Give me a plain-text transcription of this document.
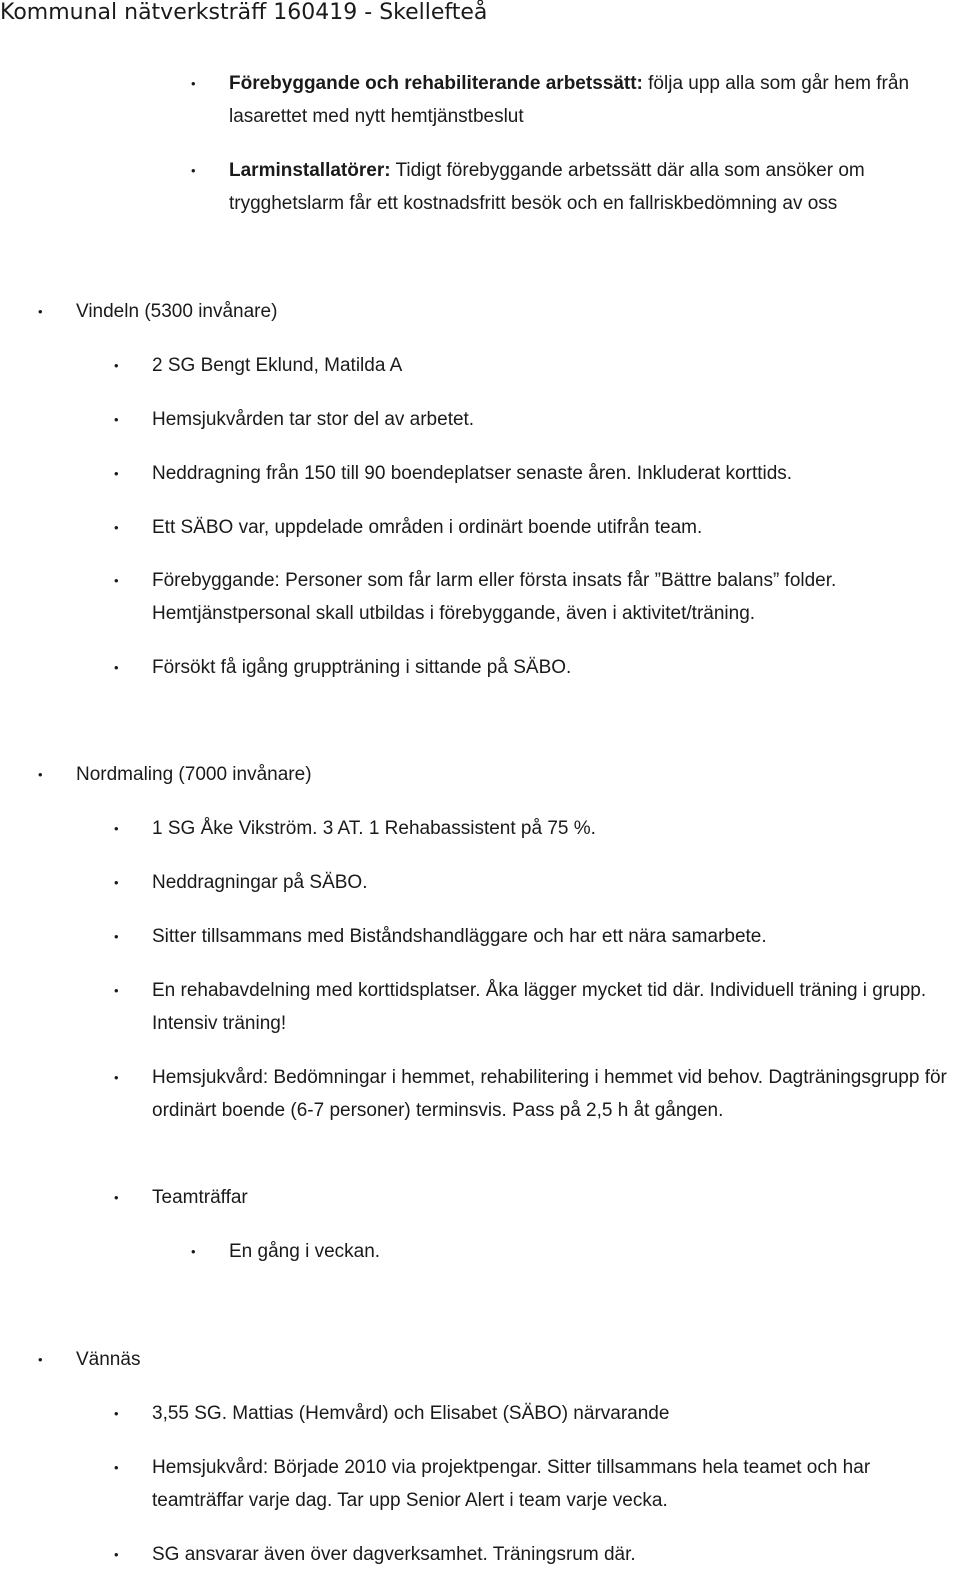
Kommunal nätverksträff 160419 - Skellefteå
• Förebyggande och rehabiliterande arbetssätt: följa upp alla som går hem från lasarettet med nytt hemtjänstbeslut
• Larminstallatörer: Tidigt förebyggande arbetssätt där alla som ansöker om trygghetslarm får ett kostnadsfritt besök och en fallriskbedömning av oss
• Vindeln (5300 invånare)
• 2 SG Bengt Eklund, Matilda A
• Hemsjukvården tar stor del av arbetet.
• Neddragning från 150 till 90 boendeplatser senaste åren. Inkluderat korttids.
• Ett SÄBO var, uppdelade områden i ordinärt boende utifrån team.
• Förebyggande: Personer som får larm eller första insats får ”Bättre balans” folder. Hemtjänstpersonal skall utbildas i förebyggande, även i aktivitet/träning.
• Försökt få igång gruppträning i sittande på SÄBO.
• Nordmaling (7000 invånare)
• 1 SG Åke Vikström. 3 AT. 1 Rehabassistent på 75 %.
• Neddragningar på SÄBO.
• Sitter tillsammans med Biståndshandläggare och har ett nära samarbete.
• En rehabavdelning med korttidsplatser. Åka lägger mycket tid där. Individuell träning i grupp. Intensiv träning!
• Hemsjukvård: Bedömningar i hemmet, rehabilitering i hemmet vid behov. Dagträningsgrupp för ordinärt boende (6-7 personer) terminsvis. Pass på 2,5 h åt gången.
• Teamträffar
• En gång i veckan.
• Vännäs
• 3,55 SG. Mattias (Hemvård) och Elisabet (SÄBO) närvarande
• Hemsjukvård: Började 2010 via projektpengar. Sitter tillsammans hela teamet och har teamträffar varje dag. Tar upp Senior Alert i team varje vecka.
• SG ansvarar även över dagverksamhet. Träningsrum där.
